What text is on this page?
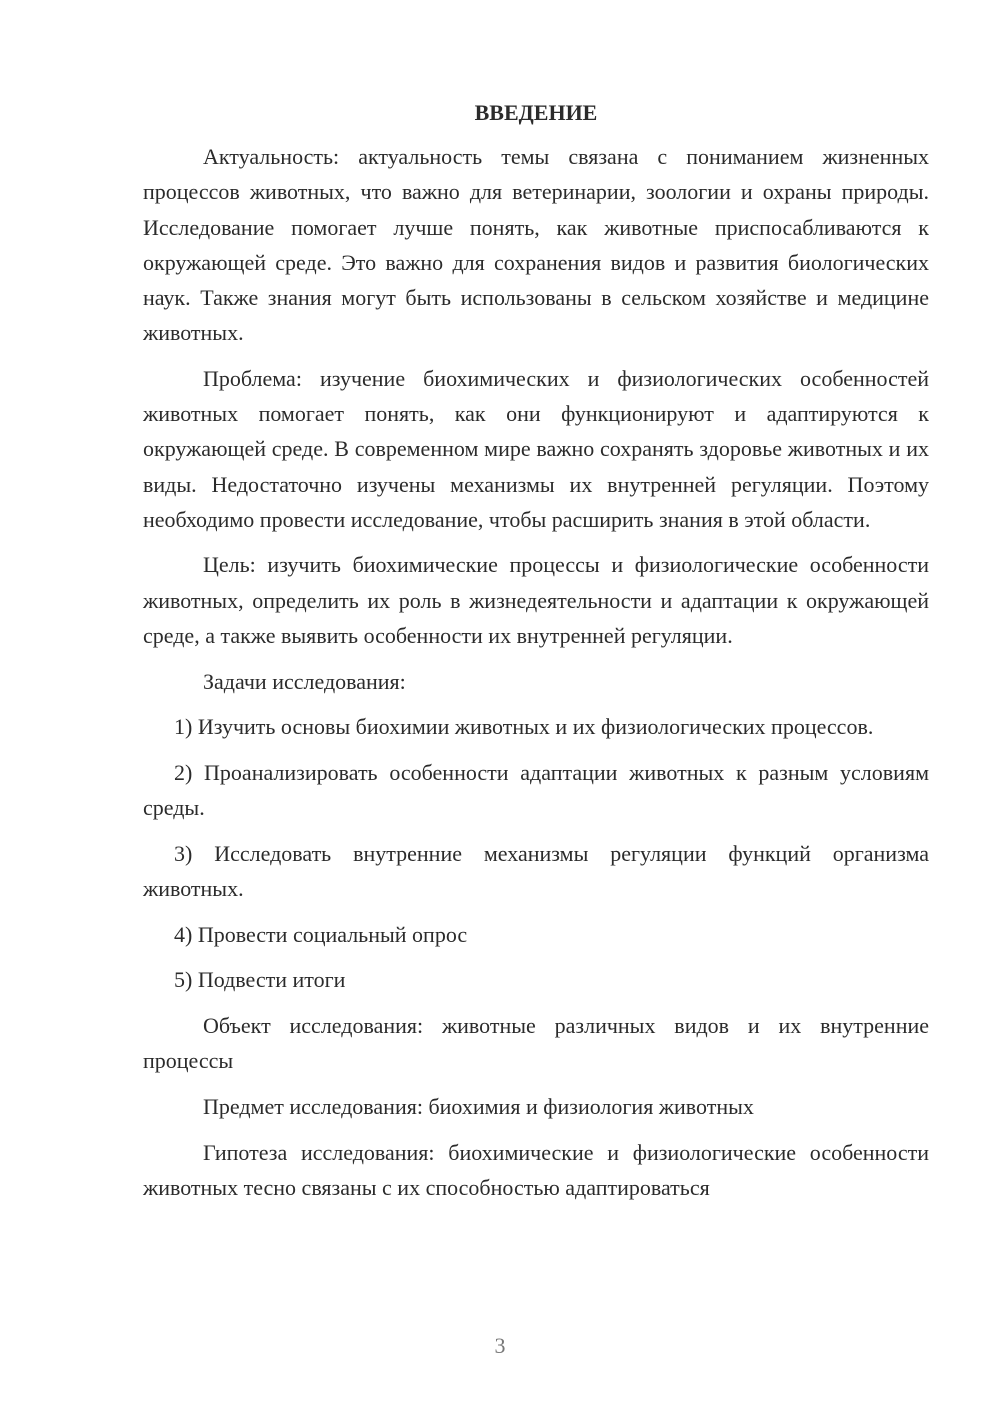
ВВЕДЕНИЕ

Актуальность: актуальность темы связана с пониманием жизненных процессов животных, что важно для ветеринарии, зоологии и охраны природы. Исследование помогает лучше понять, как животные приспосабливаются к окружающей среде. Это важно для сохранения видов и развития биологических наук. Также знания могут быть использованы в сельском хозяйстве и медицине животных.

Проблема: изучение биохимических и физиологических особенностей животных помогает понять, как они функционируют и адаптируются к окружающей среде. В современном мире важно сохранять здоровье животных и их виды. Недостаточно изучены механизмы их внутренней регуляции. Поэтому необходимо провести исследование, чтобы расширить знания в этой области.

Цель: изучить биохимические процессы и физиологические особенности животных, определить их роль в жизнедеятельности и адаптации к окружающей среде, а также выявить особенности их внутренней регуляции.

Задачи исследования:

1) Изучить основы биохимии животных и их физиологических процессов.

2) Проанализировать особенности адаптации животных к разным условиям среды.

3) Исследовать внутренние механизмы регуляции функций организма животных.

4) Провести социальный опрос

5) Подвести итоги

Объект исследования: животные различных видов и их внутренние процессы

Предмет исследования: биохимия и физиология животных

Гипотеза исследования: биохимические и физиологические особенности животных тесно связаны с их способностью адаптироваться

3
